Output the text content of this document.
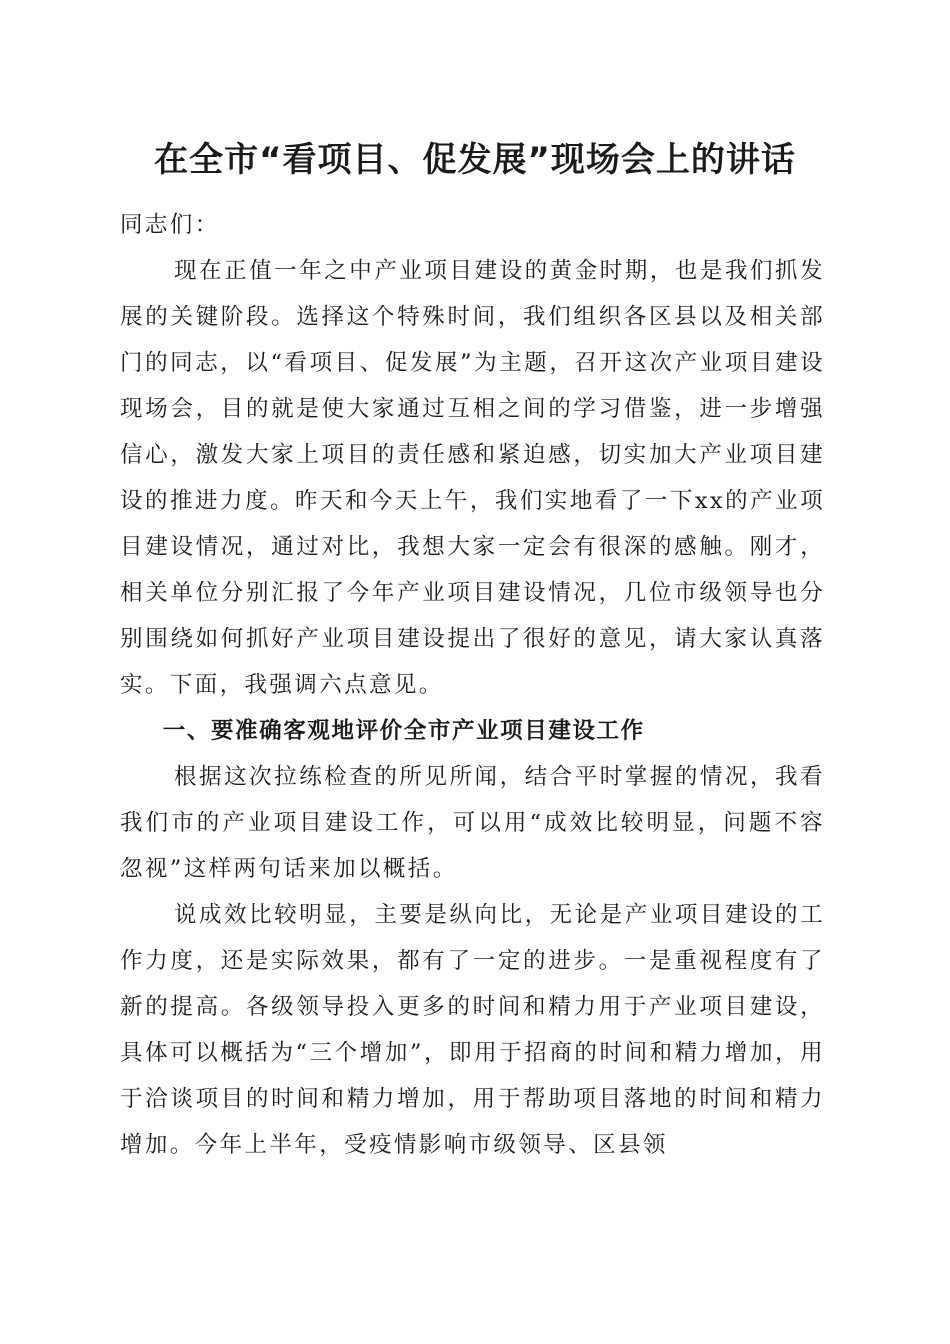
在全市“看项目、促发展”现场会上的讲话

同志们：

现在正值一年之中产业项目建设的黄金时期，也是我们抓发展的关键阶段。选择这个特殊时间，我们组织各区县以及相关部门的同志，以“看项目、促发展”为主题，召开这次产业项目建设现场会，目的就是使大家通过互相之间的学习借鉴，进一步增强信心，激发大家上项目的责任感和紧迫感，切实加大产业项目建设的推进力度。昨天和今天上午，我们实地看了一下xx的产业项目建设情况，通过对比，我想大家一定会有很深的感触。刚才，相关单位分别汇报了今年产业项目建设情况，几位市级领导也分别围绕如何抓好产业项目建设提出了很好的意见，请大家认真落实。下面，我强调六点意见。

一、要准确客观地评价全市产业项目建设工作

根据这次拉练检查的所见所闻，结合平时掌握的情况，我看我们市的产业项目建设工作，可以用“成效比较明显，问题不容忽视”这样两句话来加以概括。

说成效比较明显，主要是纵向比，无论是产业项目建设的工作力度，还是实际效果，都有了一定的进步。一是重视程度有了新的提高。各级领导投入更多的时间和精力用于产业项目建设，具体可以概括为“三个增加”，即用于招商的时间和精力增加，用于洽谈项目的时间和精力增加，用于帮助项目落地的时间和精力增加。今年上半年，受疫情影响市级领导、区县领
